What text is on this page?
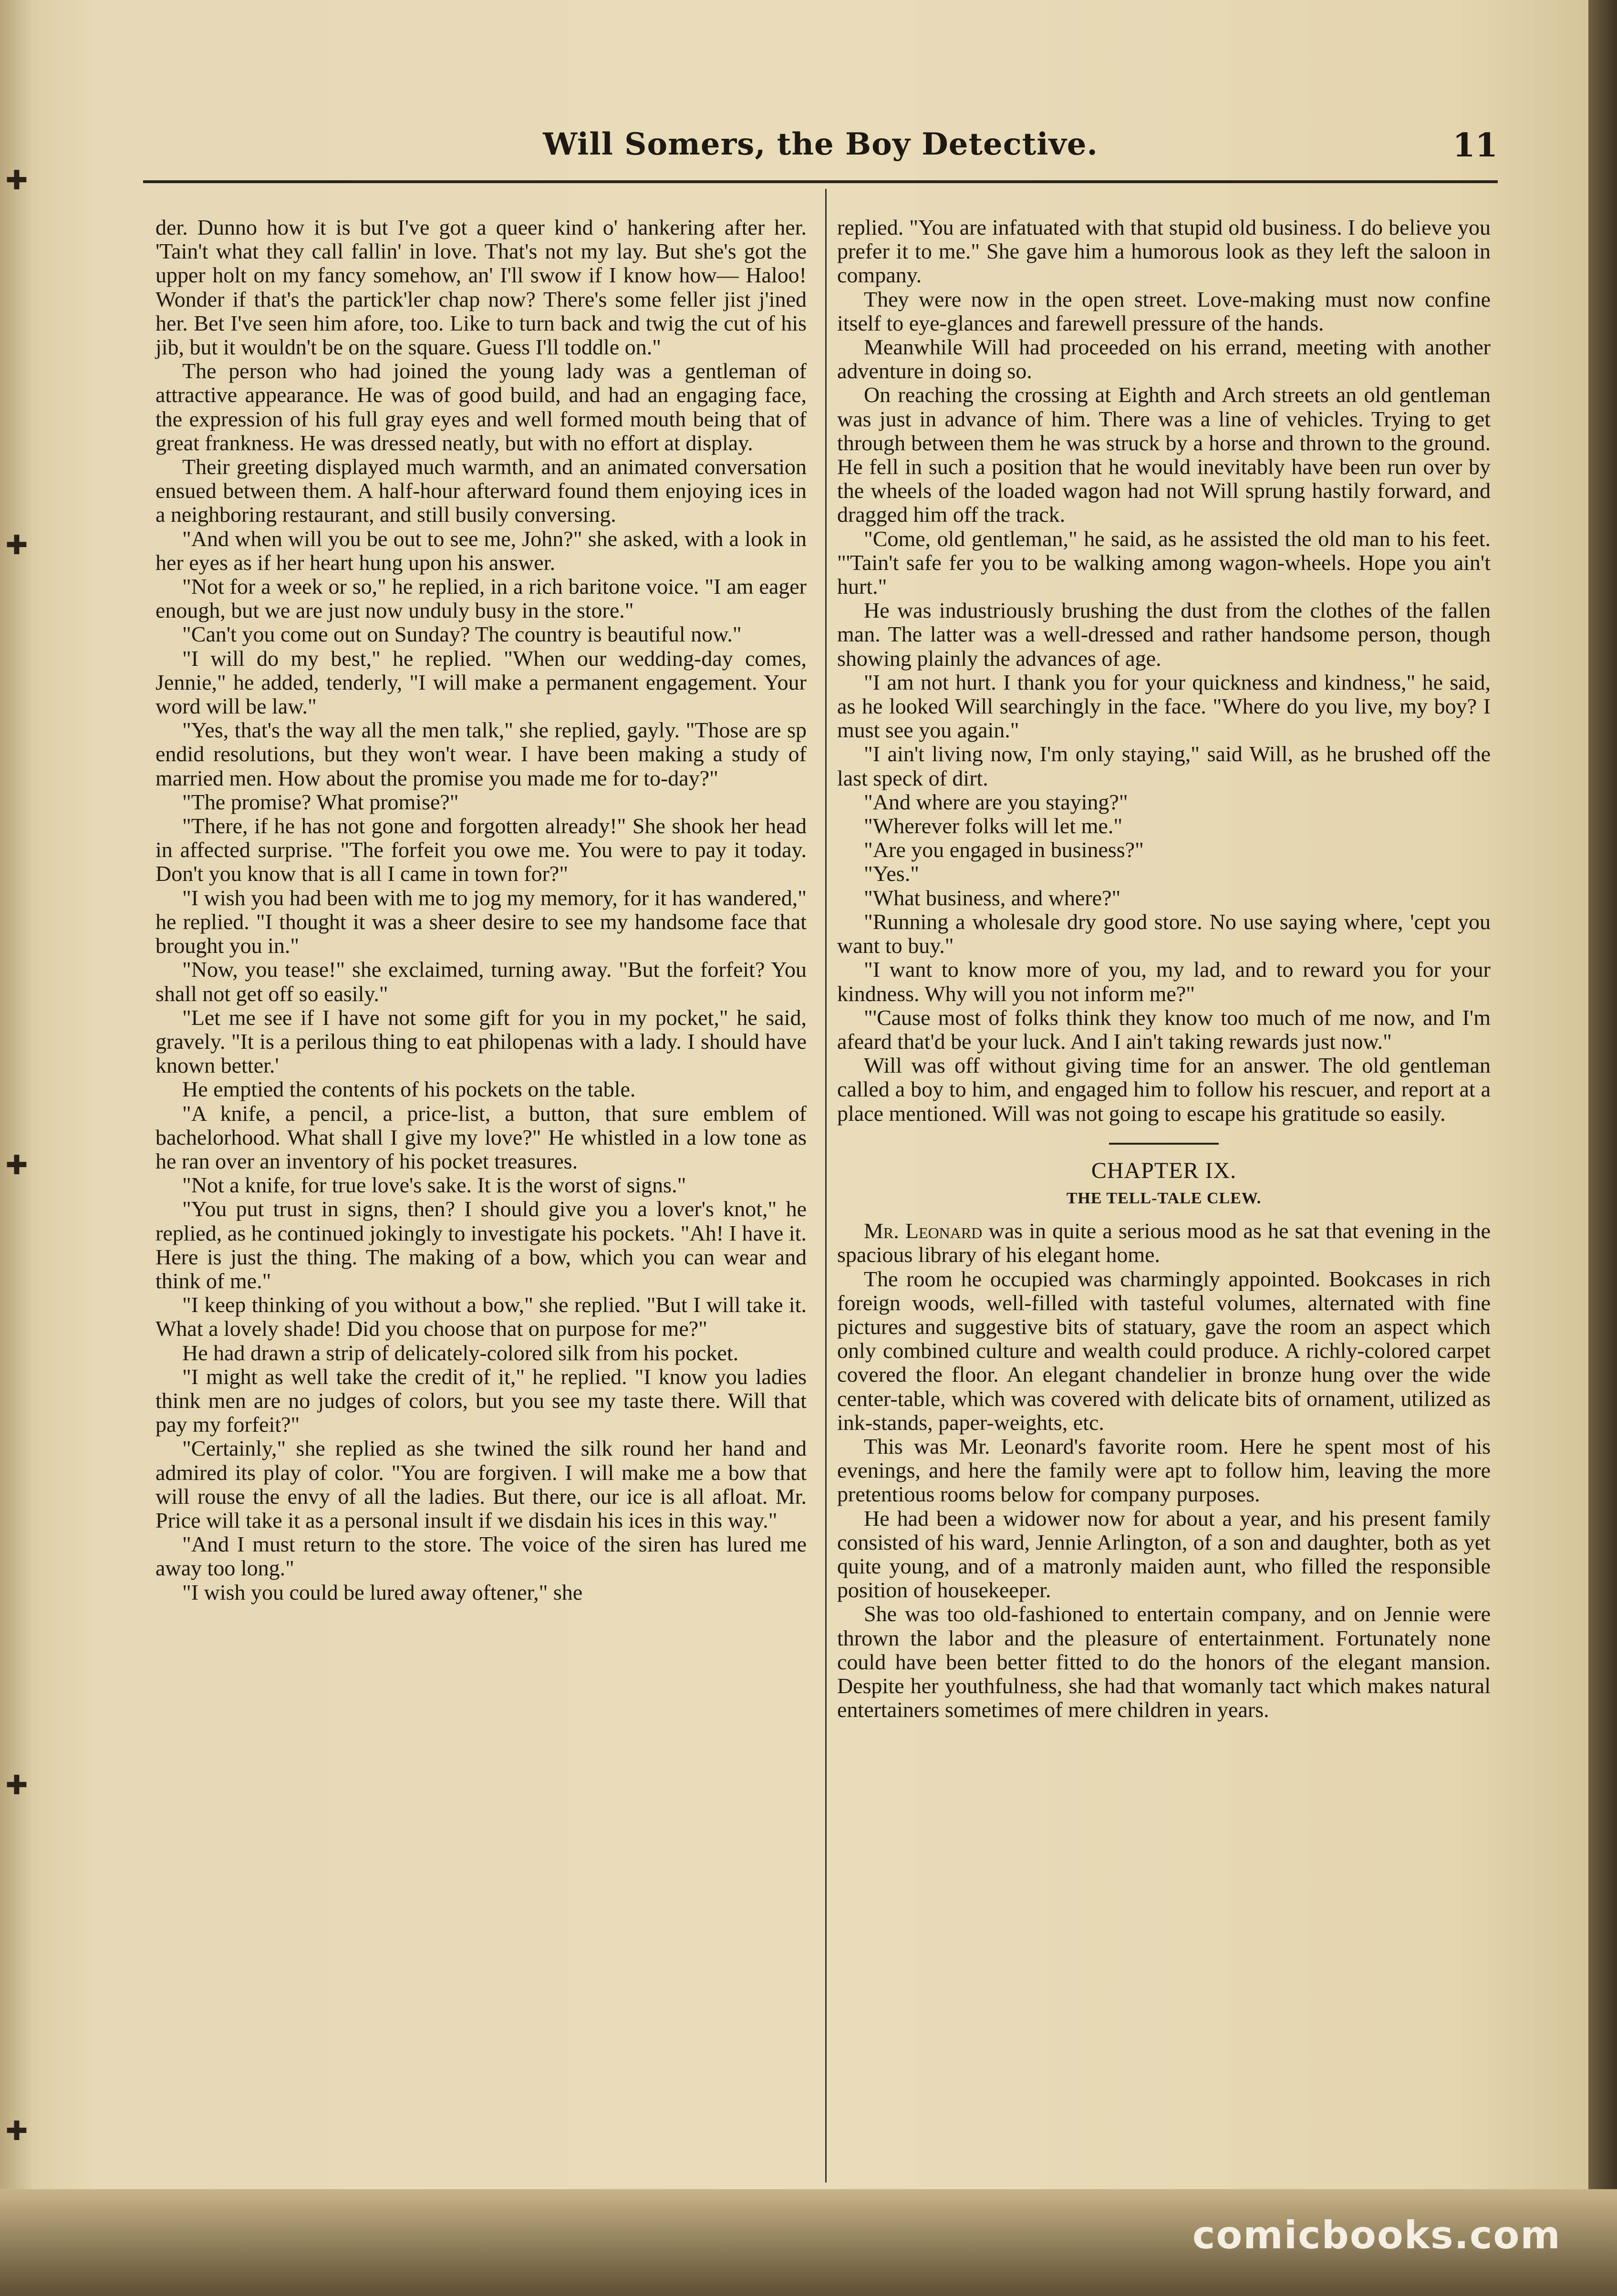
✚
✚
✚
✚
✚
Will Somers, the Boy Detective.	11

der. Dunno how it is but I've got a queer kind o' hankering after her. 'Tain't what they call fallin' in love. That's not my lay. But she's got the upper holt on my fancy somehow, an' I'll swow if I know how— Haloo! Wonder if that's the partick'ler chap now? There's some feller jist j'ined her. Bet I've seen him afore, too. Like to turn back and twig the cut of his jib, but it wouldn't be on the square. Guess I'll toddle on."

The person who had joined the young lady was a gentleman of attractive appearance. He was of good build, and had an engaging face, the expression of his full gray eyes and well formed mouth being that of great frankness. He was dressed neatly, but with no effort at display.

Their greeting displayed much warmth, and an animated conversation ensued between them. A half-hour afterward found them enjoying ices in a neighboring restaurant, and still busily conversing.

"And when will you be out to see me, John?" she asked, with a look in her eyes as if her heart hung upon his answer.

"Not for a week or so," he replied, in a rich baritone voice. "I am eager enough, but we are just now unduly busy in the store."

"Can't you come out on Sunday? The country is beautiful now."

"I will do my best," he replied. "When our wedding-day comes, Jennie," he added, tenderly, "I will make a permanent engagement. Your word will be law."

"Yes, that's the way all the men talk," she replied, gayly. "Those are sp endid resolutions, but they won't wear. I have been making a study of married men. How about the promise you made me for to-day?"

"The promise? What promise?"

"There, if he has not gone and forgotten already!" She shook her head in affected surprise. "The forfeit you owe me. You were to pay it today. Don't you know that is all I came in town for?"

"I wish you had been with me to jog my memory, for it has wandered," he replied. "I thought it was a sheer desire to see my handsome face that brought you in."

"Now, you tease!" she exclaimed, turning away. "But the forfeit? You shall not get off so easily."

"Let me see if I have not some gift for you in my pocket," he said, gravely. "It is a perilous thing to eat philopenas with a lady. I should have known better.'

He emptied the contents of his pockets on the table.

"A knife, a pencil, a price-list, a button, that sure emblem of bachelorhood. What shall I give my love?" He whistled in a low tone as he ran over an inventory of his pocket treasures.

"Not a knife, for true love's sake. It is the worst of signs."

"You put trust in signs, then? I should give you a lover's knot," he replied, as he continued jokingly to investigate his pockets. "Ah! I have it. Here is just the thing. The making of a bow, which you can wear and think of me."

"I keep thinking of you without a bow," she replied. "But I will take it. What a lovely shade! Did you choose that on purpose for me?"

He had drawn a strip of delicately-colored silk from his pocket.

"I might as well take the credit of it," he replied. "I know you ladies think men are no judges of colors, but you see my taste there. Will that pay my forfeit?"

"Certainly," she replied as she twined the silk round her hand and admired its play of color. "You are forgiven. I will make me a bow that will rouse the envy of all the ladies. But there, our ice is all afloat. Mr. Price will take it as a personal insult if we disdain his ices in this way."

"And I must return to the store. The voice of the siren has lured me away too long."

"I wish you could be lured away oftener," she

replied. "You are infatuated with that stupid old business. I do believe you prefer it to me." She gave him a humorous look as they left the saloon in company.

They were now in the open street. Love-making must now confine itself to eye-glances and farewell pressure of the hands.

Meanwhile Will had proceeded on his errand, meeting with another adventure in doing so.

On reaching the crossing at Eighth and Arch streets an old gentleman was just in advance of him. There was a line of vehicles. Trying to get through between them he was struck by a horse and thrown to the ground. He fell in such a position that he would inevitably have been run over by the wheels of the loaded wagon had not Will sprung hastily forward, and dragged him off the track.

"Come, old gentleman," he said, as he assisted the old man to his feet. "'Tain't safe fer you to be walking among wagon-wheels. Hope you ain't hurt."

He was industriously brushing the dust from the clothes of the fallen man. The latter was a well-dressed and rather handsome person, though showing plainly the advances of age.

"I am not hurt. I thank you for your quickness and kindness," he said, as he looked Will searchingly in the face. "Where do you live, my boy? I must see you again."

"I ain't living now, I'm only staying," said Will, as he brushed off the last speck of dirt.

"And where are you staying?"

"Wherever folks will let me."

"Are you engaged in business?"

"Yes."

"What business, and where?"

"Running a wholesale dry good store. No use saying where, 'cept you want to buy."

"I want to know more of you, my lad, and to reward you for your kindness. Why will you not inform me?"

"'Cause most of folks think they know too much of me now, and I'm afeard that'd be your luck. And I ain't taking rewards just now."

Will was off without giving time for an answer. The old gentleman called a boy to him, and engaged him to follow his rescuer, and report at a place mentioned. Will was not going to escape his gratitude so easily.

CHAPTER IX.
THE TELL-TALE CLEW.

Mr. Leonard was in quite a serious mood as he sat that evening in the spacious library of his elegant home.

The room he occupied was charmingly appointed. Bookcases in rich foreign woods, well-filled with tasteful volumes, alternated with fine pictures and suggestive bits of statuary, gave the room an aspect which only combined culture and wealth could produce. A richly-colored carpet covered the floor. An elegant chandelier in bronze hung over the wide center-table, which was covered with delicate bits of ornament, utilized as ink-stands, paper-weights, etc.

This was Mr. Leonard's favorite room. Here he spent most of his evenings, and here the family were apt to follow him, leaving the more pretentious rooms below for company purposes.

He had been a widower now for about a year, and his present family consisted of his ward, Jennie Arlington, of a son and daughter, both as yet quite young, and of a matronly maiden aunt, who filled the responsible position of housekeeper.

She was too old-fashioned to entertain company, and on Jennie were thrown the labor and the pleasure of entertainment. Fortunately none could have been better fitted to do the honors of the elegant mansion. Despite her youthfulness, she had that womanly tact which makes natural entertainers sometimes of mere children in years.

comicbooks.com
